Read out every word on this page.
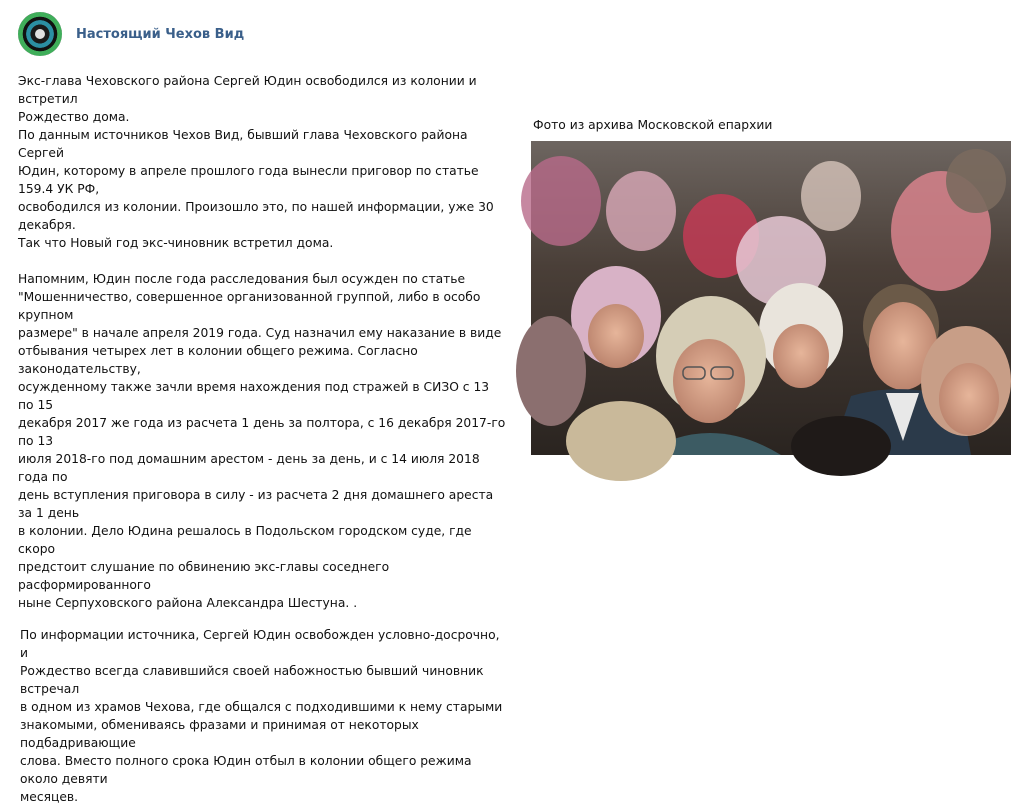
Настоящий Чехов Вид

Экс-глава Чеховского района Сергей Юдин освободился из колонии и встретил
Рождество дома.
По данным источников Чехов Вид, бывший глава Чеховского района Сергей
Юдин, которому в апреле прошлого года вынесли приговор по статье 159.4 УК РФ,
освободился из колонии. Произошло это, по нашей информации, уже 30 декабря.
Так что Новый год экс-чиновник встретил дома.

Напомним, Юдин после года расследования был осужден по статье
"Мошенничество, совершенное организованной группой, либо в особо крупном
размере" в начале апреля 2019 года. Суд назначил ему наказание в виде
отбывания четырех лет в колонии общего режима. Согласно законодательству,
осужденному также зачли время нахождения под стражей в СИЗО с 13 по 15
декабря 2017 же года из расчета 1 день за полтора, с 16 декабря 2017-го по 13
июля 2018-го под домашним арестом - день за день, и с 14 июля 2018 года по
день вступления приговора в силу - из расчета 2 дня домашнего ареста за 1 день
в колонии. Дело Юдина решалось в Подольском городском суде, где скоро
предстоит слушание по обвинению экс-главы соседнего расформированного
ныне Серпуховского района Александра Шестуна. .

По информации источника, Сергей Юдин освобожден условно-досрочно, и
Рождество всегда славившийся своей набожностью бывший чиновник встречал
в одном из храмов Чехова, где общался с подходившими к нему старыми
знакомыми, обмениваясь фразами и принимая от некоторых подбадривающие
слова. Вместо полного срока Юдин отбыл в колонии общего режима около девяти
месяцев.

Фото из архива Московской епархии
